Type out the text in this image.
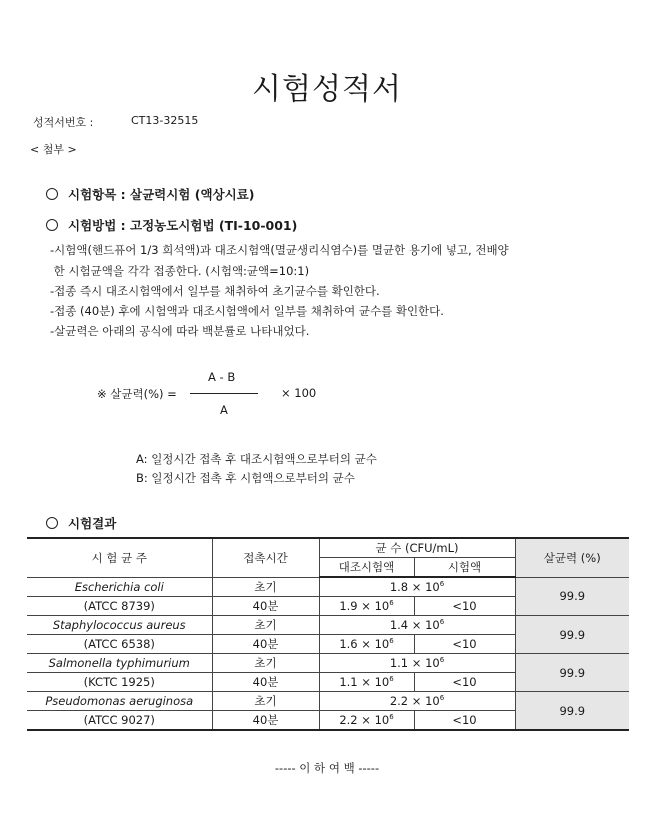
시험성적서
성적서번호 :	CT13-32515
< 첨부 >
시험항목 : 살균력시험 (액상시료)
시험방법 : 고정농도시험법 (TI-10-001)
-시험액(핸드퓨어 1/3 희석액)과 대조시험액(멸균생리식염수)를 멸균한 용기에 넣고, 전배양
한 시험균액을 각각 접종한다. (시험액:균액=10:1)
-접종 즉시 대조시험액에서 일부를 채취하여 초기균수를 확인한다.
-접종 (40분) 후에 시험액과 대조시험액에서 일부를 채취하여 균수를 확인한다.
-살균력은 아래의 공식에 따라 백분률로 나타내었다.
A - B
※ 살균력(%) =	× 100
A
A: 일정시간 접촉 후 대조시험액으로부터의 균수
B: 일정시간 접촉 후 시험액으로부터의 균수
시험결과
시 험 균 주	접촉시간	균 수 (CFU/mL)		살균력 (%)
		대조시험액	시험액	
Escherichia coli	초기	$1.8 \times 10^6$		99.9
(ATCC 8739)	40분	$1.9 \times 10^6$	<10	
Staphylococcus aureus	초기	$1.4 \times 10^6$		99.9
(ATCC 6538)	40분	$1.6 \times 10^6$	<10	
Salmonella typhimurium	초기	$1.1 \times 10^6$		99.9
(KCTC 1925)	40분	$1.1 \times 10^6$	<10	
Pseudomonas aeruginosa	초기	$2.2 \times 10^6$		99.9
(ATCC 9027)	40분	$2.2 \times 10^6$	<10	
----- 이 하 여 백 -----
